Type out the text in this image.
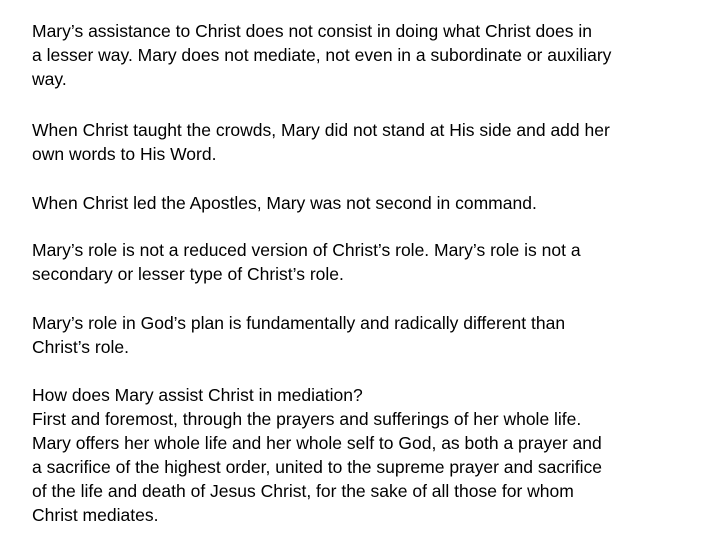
Mary’s assistance to Christ does not consist in doing what Christ does in
a lesser way. Mary does not mediate, not even in a subordinate or auxiliary
way.

When Christ taught the crowds, Mary did not stand at His side and add her
own words to His Word.

When Christ led the Apostles, Mary was not second in command.

Mary’s role is not a reduced version of Christ’s role. Mary’s role is not a
secondary or lesser type of Christ’s role.

Mary’s role in God’s plan is fundamentally and radically different than
Christ’s role.

How does Mary assist Christ in mediation?
First and foremost, through the prayers and sufferings of her whole life.
Mary offers her whole life and her whole self to God, as both a prayer and
a sacrifice of the highest order, united to the supreme prayer and sacrifice
of the life and death of Jesus Christ, for the sake of all those for whom
Christ mediates.
